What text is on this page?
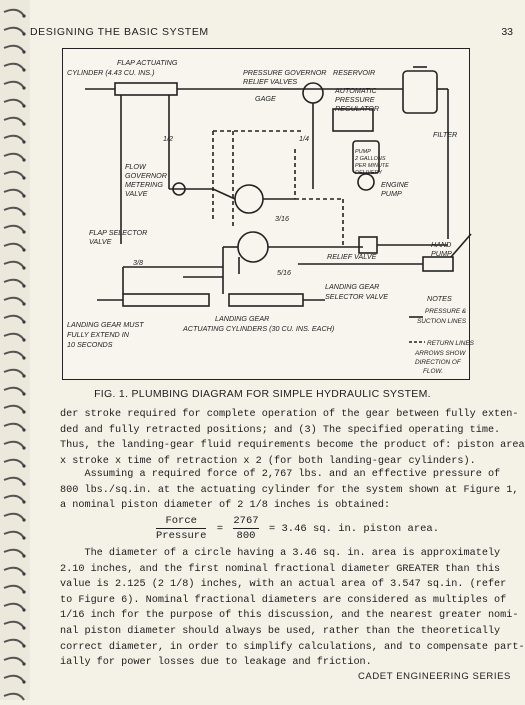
DESIGNING THE BASIC SYSTEM	33
FLAP ACTUATING
CYLINDER (4.43 CU. INS.)	PRESSURE GOVERNOR
RELIEF VALVES
RESERVOIR
GAGE
AUTOMATIC
PRESSURE
REGULATOR
FILTER
PUMP
2 GALLONS
PER MINUTE
DELIVERY
ENGINE
PUMP
FLOW
GOVERNOR
METERING
VALVE
FLAP SELECTOR
VALVE	HAND
PUMP
RELIEF VALVE
LANDING GEAR
SELECTOR VALVE	NOTES
PRESSURE &
SUCTION LINES
RETURN LINES
ARROWS SHOW
DIRECTION OF
FLOW.
LANDING GEAR
ACTUATING CYLINDERS (30 CU. INS. EACH)
LANDING GEAR MUST
FULLY EXTEND IN
10 SECONDS
3/8
1/2	1/4
3/16
5/16
FIG. 1. PLUMBING DIAGRAM FOR SIMPLE HYDRAULIC SYSTEM.
der stroke required for complete operation of the gear between fully exten-
ded and fully retracted positions; and (3) The specified operating time.
Thus, the landing-gear fluid requirements become the product of: piston area
x stroke x time of retraction x 2 (for both landing-gear cylinders).
Assuming a required force of 2,767 lbs. and an effective pressure of
800 lbs./sq.in. at the actuating cylinder for the system shown at Figure 1,
a nominal piston diameter of 2 1/8 inches is obtained:
$\frac{\text{Force}}{\text{Pressure}} = \frac{2767}{800} = 3.46$ sq. in. piston area.
The diameter of a circle having a 3.46 sq. in. area is approximately
2.10 inches, and the first nominal fractional diameter GREATER than this
value is 2.125 (2 1/8) inches, with an actual area of 3.547 sq.in. (refer
to Figure 6). Nominal fractional diameters are considered as multiples of
1/16 inch for the purpose of this discussion, and the nearest greater nomi-
nal piston diameter should always be used, rather than the theoretically
correct diameter, in order to simplify calculations, and to compensate part-
ially for power losses due to leakage and friction.
CADET ENGINEERING SERIES
